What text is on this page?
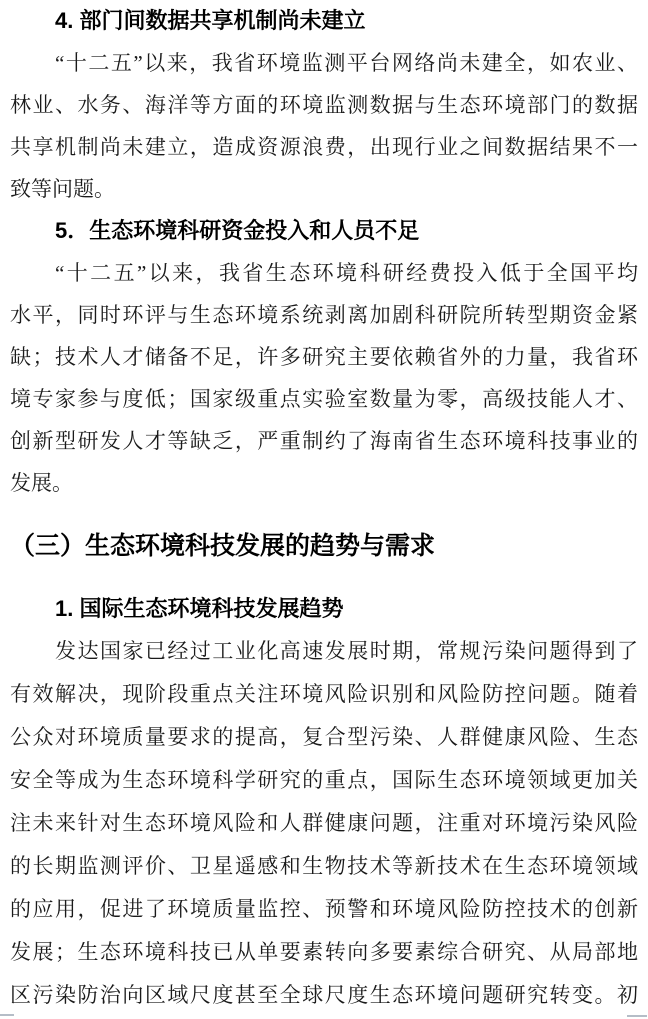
4. 部门间数据共享机制尚未建立
“十二五”以来，我省环境监测平台网络尚未建全，如农业、
林业、水务、海洋等方面的环境监测数据与生态环境部门的数据
共享机制尚未建立，造成资源浪费，出现行业之间数据结果不一
致等问题。
5．生态环境科研资金投入和人员不足
“十二五”以来，我省生态环境科研经费投入低于全国平均
水平，同时环评与生态环境系统剥离加剧科研院所转型期资金紧
缺；技术人才储备不足，许多研究主要依赖省外的力量，我省环
境专家参与度低；国家级重点实验室数量为零，高级技能人才、
创新型研发人才等缺乏，严重制约了海南省生态环境科技事业的
发展。
（三）生态环境科技发展的趋势与需求
1. 国际生态环境科技发展趋势
发达国家已经过工业化高速发展时期，常规污染问题得到了
有效解决，现阶段重点关注环境风险识别和风险防控问题。随着
公众对环境质量要求的提高，复合型污染、人群健康风险、生态
安全等成为生态环境科学研究的重点，国际生态环境领域更加关
注未来针对生态环境风险和人群健康问题，注重对环境污染风险
的长期监测评价、卫星遥感和生物技术等新技术在生态环境领域
的应用，促进了环境质量监控、预警和环境风险防控技术的创新
发展；生态环境科技已从单要素转向多要素综合研究、从局部地
区污染防治向区域尺度甚至全球尺度生态环境问题研究转变。初
